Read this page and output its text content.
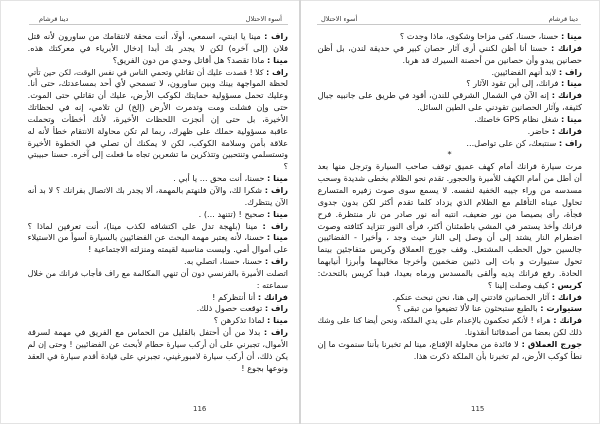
دينا قرشام	أسوء الاحتلال
راف : مينا يا ابنتي، اسمعي، أولًا، أنت محقة لانتقامك من ساورون لأنه قتل
فلان (إلى آخره) لكن لا يجدر بك أبدا إدخال الأبرياء في معركتك هذه.
مينا : ماذا تقصد؟ هل أقاتل وحدي من دون الفريق؟
راف : كلا ! قصدت عليك أن تقاتلي وتحمي الناس في نفس الوقت، لكن حين تأتي
لحظة المواجهة بينك وبين ساورون، لا تسمحي لأي أحد بمساعدتك، حتى أنا.
وعليك تحمل مسؤولية حمايتك لكوكب الأرض، عليك أن تقاتلي حتى الموت.
حتى وإن فشلت ومت وتدمرت الأرض (إلخ) لن تلامي، إنه في لحظاتك
الأخيرة، بل حتى إن أنجزت اللحظات الأخيرة، لأنك أخطأت وتحملت
عاقبة مسؤولية حملك على ظهرك، ربما لم تكن محاولة الانتقام خطأ لأنه له
علاقة بأمن وسلامة الكوكب، لكن لا يمكنك أن تصلي في الخطوة الأخيرة
وتستسلمي وتنتحبين وتتذكرين ما تشعرين تجاه ما فعلت إلى آخره. حسنا حبيبتي
؟
مينا : حسنا، أنت محق ... يا أبي .
راف : شكرا لك، والآن فلنهتم بالمهمة، ألا يجدر بك الاتصال بفرانك ؟ لا بد أنه
الآن ينتظرك.
مينا : صحيح ! (تتنهد ...) .
راف : مينا (بلهجة تدل على اكتشافه لكذب مينا)، أنت تعرفين لماذا ؟
مينا : حسنا، لأنه يعتبر مهمة البحث عن الفضائيين بالسيارة أسوأ من الاستيلاء
على أموال أمي. وليست مناسبة لقيمته ومنزلته الاجتماعية !
راف : حسنا، حسنا، اتصلي به.
اتصلت الأميرة بالفرنسي دون أن تنهي المكالمة مع راف فأجاب فرانك من خلال
سماعته :
فرانك : أنا أنتظركم !
راف : توقعت حصول ذلك.
مينا : لماذا تذكرهن ؟
راف : بدلا من أن أحتفل بالقليل من الحماس مع الفريق في مهمة لسرقة
الأموال، تجبرني على أن أركب سيارة حطام لأبحث عن الفضائيين ! وحتى إن لم
يكن ذلك، أن أركب سيارة لامبورغيني، تجبرني على قيادة أقدم سيارة في العقد
ونوعها بجوع !
116
أسوء الاحتلال	دينا قرشام
مينا : حسنا، حسنا، كفى مزاحا وشكوى، ماذا وجدت ؟
فرانك : حسنا أنا أظن لكنني أرى آثار حصان كبير في حديقة لندن، بل أظن
حصانين يبدو وأن حصانين من أحصنة السيرك قد هربا.
راف : لابد أنهم الفضائيين.
مينا : فرانك، إلى أين تقود الآثار ؟
فرانك : إنه الآن في الشمال الشرقي للندن، أقود في طريق على جانبيه جبال
كثيفة، وآثار الحصانين تقودني على الطين السائل.
مينا : شغل نظام GPS خاصتك.
فرانك : حاضر.
راف : سنتبعك، كن على تواصل...
*
مرت سيارة فرانك أمام كهف عميق توقف صاحب السيارة وترجل منها بعد
أن أطل من أمام الكهف للأميرة والحجور. تقدم نحو الظلام بخطى شديدة وسحب
مسدسه من وراء جيبه الخفية لنفسه. لا يسمع سوى صوت زفيره المتسارع
تحاول عيناه التأقلم مع الظلام الذي يزداد كلما تقدم أكثر لكن بدون جدوى
فجأة، رأى بصيصا من نور ضعيف، انتبه أنه نور صادر من نار منتظرة. فرح
فرانك وأخذ يستمر في المشي باطمئنان أكثر، فرأى النور تتزايد كثافته وصوت
اضطرام النار يشتد إلى أن وصل إلى النار حيث وجد ، وأخيرا - الفضائيين
جالسين حول الحطب المشتعل. وقف جورج العملاق وكريس متفاجئين بينما
تحول ستيوارت و بات إلى ذئبين ضخمين وأخرجا مخالبهما وأبرزا أنيابهما
الحادة. رفع فرانك يديه وألقى بالمسدس ورماه بعيدا، فبدأ كريس بالتحدث:
كريس : كيف وصلت إلينا ؟
فرانك : آثار الحصانين قادتني إلى هنا، نحن نبحث عنكم.
ستيوارت : بالطبع ستبحثون عنا لألا تضيعوا من تبقى ؟
فرانك : هراء ! لأنكم تحكمون بالإعدام على يدي الملكة، ونحن أيضا كنا على وشك
ذلك لكن بعضا من أصدقائنا أنقذونا.
جورج العملاق : لا فائدة من محاولة الإقناع، مينا لم تخبرنا بأننا سنموت ما إن
نطأ كوكب الأرض، لم تخبرنا بأن الملكة ذكرت هذا.
115
